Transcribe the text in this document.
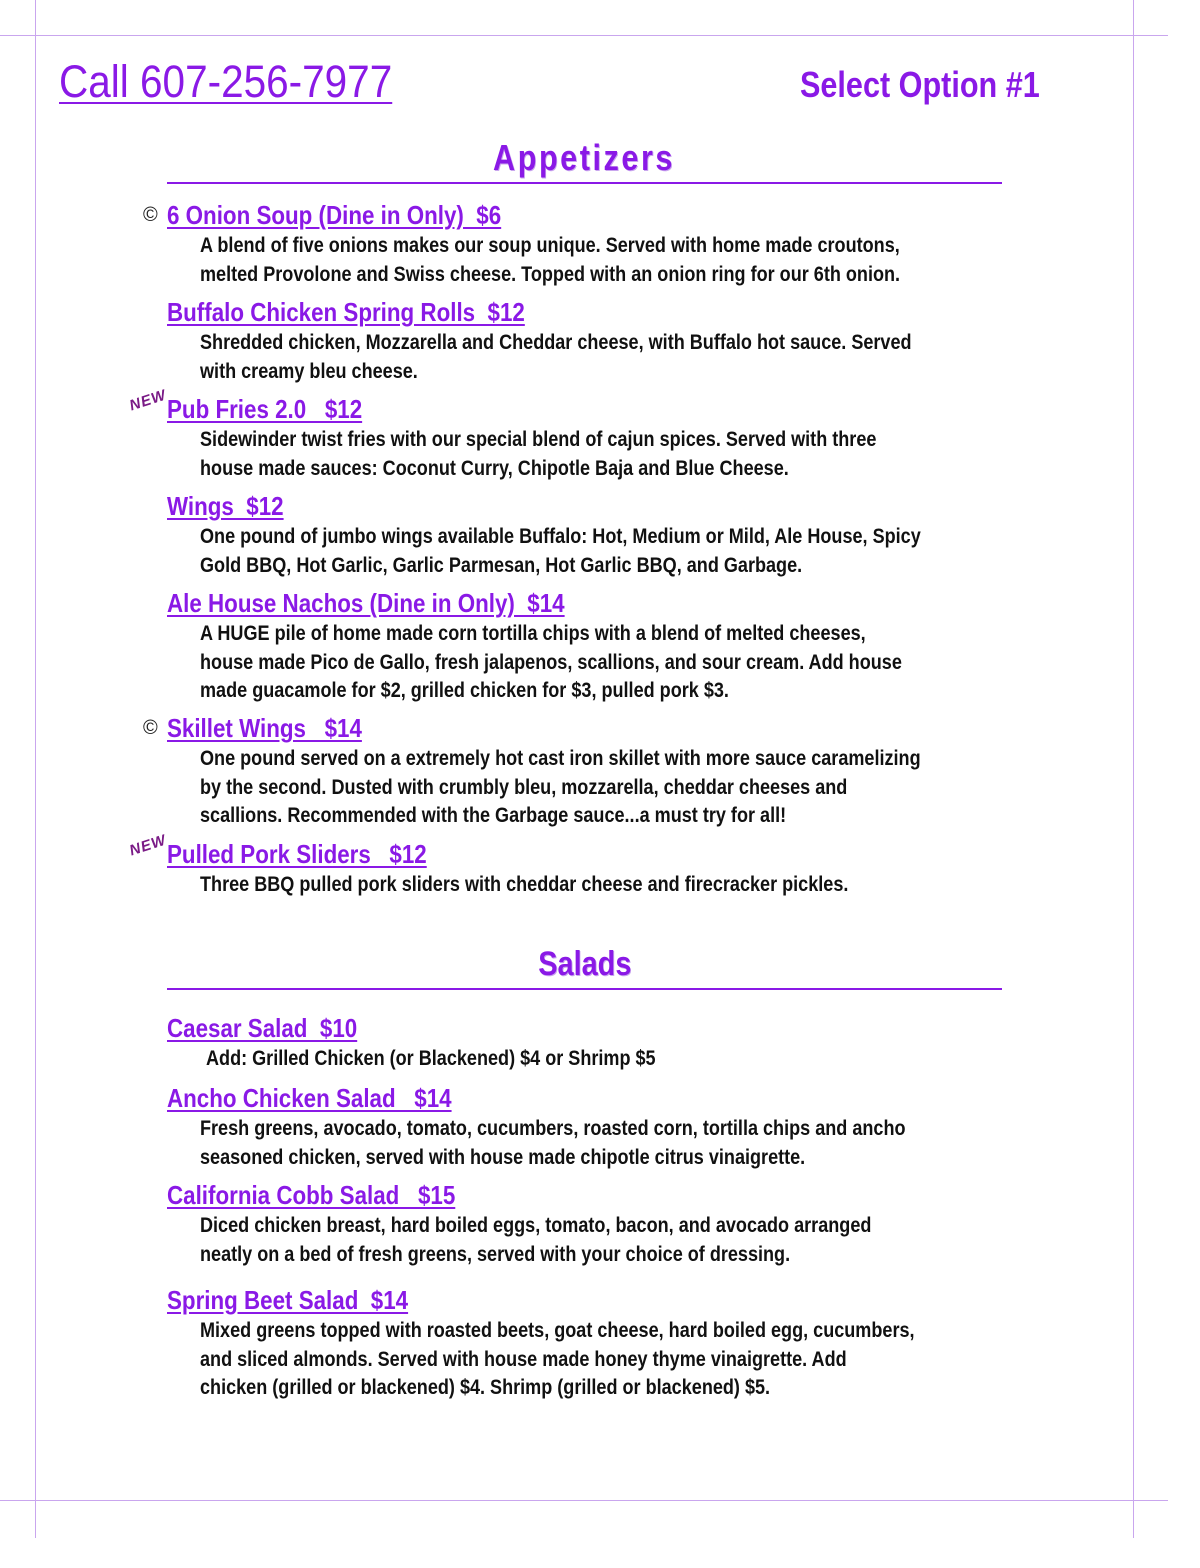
Call 607-256-7977	Select Option #1

Appetizers
© 6 Onion Soup (Dine in Only)  $6

A blend of five onions makes our soup unique. Served with home made croutons,
melted Provolone and Swiss cheese. Topped with an onion ring for our 6th onion.

Buffalo Chicken Spring Rolls  $12

Shredded chicken, Mozzarella and Cheddar cheese, with Buffalo hot sauce. Served
with creamy bleu cheese.

NEW
Pub Fries 2.0   $12

Sidewinder twist fries with our special blend of cajun spices. Served with three
house made sauces: Coconut Curry, Chipotle Baja and Blue Cheese.

Wings  $12

One pound of jumbo wings available Buffalo: Hot, Medium or Mild, Ale House, Spicy
Gold BBQ, Hot Garlic, Garlic Parmesan, Hot Garlic BBQ, and Garbage.

Ale House Nachos (Dine in Only)  $14

A HUGE pile of home made corn tortilla chips with a blend of melted cheeses,
house made Pico de Gallo, fresh jalapenos, scallions, and sour cream. Add house
made guacamole for $2, grilled chicken for $3, pulled pork $3.

© Skillet Wings   $14

One pound served on a extremely hot cast iron skillet with more sauce caramelizing
by the second. Dusted with crumbly bleu, mozzarella, cheddar cheeses and
scallions. Recommended with the Garbage sauce...a must try for all!

NEW
Pulled Pork Sliders   $12

Three BBQ pulled pork sliders with cheddar cheese and firecracker pickles.

Salads
Caesar Salad  $10

Add: Grilled Chicken (or Blackened) $4 or Shrimp $5

Ancho Chicken Salad   $14

Fresh greens, avocado, tomato, cucumbers, roasted corn, tortilla chips and ancho
seasoned chicken, served with house made chipotle citrus vinaigrette.

California Cobb Salad   $15

Diced chicken breast, hard boiled eggs, tomato, bacon, and avocado arranged
neatly on a bed of fresh greens, served with your choice of dressing.

Spring Beet Salad  $14

Mixed greens topped with roasted beets, goat cheese, hard boiled egg, cucumbers,
and sliced almonds. Served with house made honey thyme vinaigrette. Add
chicken (grilled or blackened) $4. Shrimp (grilled or blackened) $5.
